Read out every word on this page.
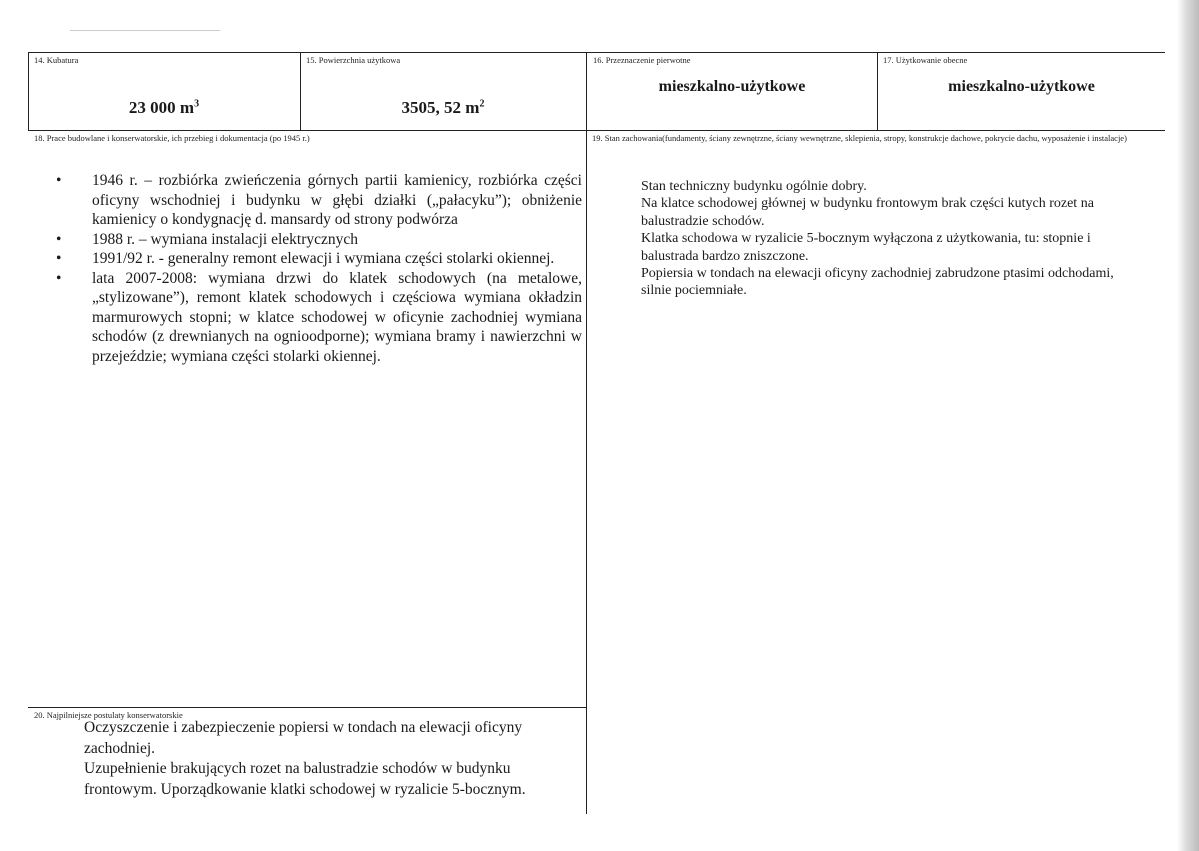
14. Kubatura
23 000 $m^3$
15. Powierzchnia użytkowa
3505, 52 $m^2$
16. Przeznaczenie pierwotne
mieszkalno-użytkowe
17. Użytkowanie obecne
mieszkalno-użytkowe
18. Prace budowlane i konserwatorskie, ich przebieg i dokumentacja (po 1945 r.)
• 1946 r. – rozbiórka zwieńczenia górnych partii kamienicy, rozbiórka części oficyny wschodniej i budynku w głębi działki („pałacyku”); obniżenie kamienicy o kondygnację d. mansardy od strony podwórza
• 1988 r. – wymiana instalacji elektrycznych
• 1991/92 r. - generalny remont elewacji i wymiana części stolarki okiennej.
• lata 2007-2008: wymiana drzwi do klatek schodowych (na metalowe, „stylizowane”), remont klatek schodowych i częściowa wymiana okładzin marmurowych stopni; w klatce schodowej w oficynie zachodniej wymiana schodów (z drewnianych na ognioodporne); wymiana bramy i nawierzchni w przejeździe; wymiana części stolarki okiennej.
19. Stan zachowania(fundamenty, ściany zewnętrzne, ściany wewnętrzne, sklepienia, stropy, konstrukcje dachowe, pokrycie dachu, wyposażenie i instalacje)
Stan techniczny budynku ogólnie dobry.
Na klatce schodowej głównej w budynku frontowym brak części kutych rozet na
balustradzie schodów.
Klatka schodowa w ryzalicie 5-bocznym wyłączona z użytkowania, tu: stopnie i
balustrada bardzo zniszczone.
Popiersia w tondach na elewacji oficyny zachodniej zabrudzone ptasimi odchodami,
silnie pociemniałe.
20. Najpilniejsze postulaty konserwatorskie
Oczyszczenie i zabezpieczenie popiersi w tondach na elewacji oficyny
zachodniej.
Uzupełnienie brakujących rozet na balustradzie schodów w budynku
frontowym. Uporządkowanie klatki schodowej w ryzalicie 5-bocznym.
